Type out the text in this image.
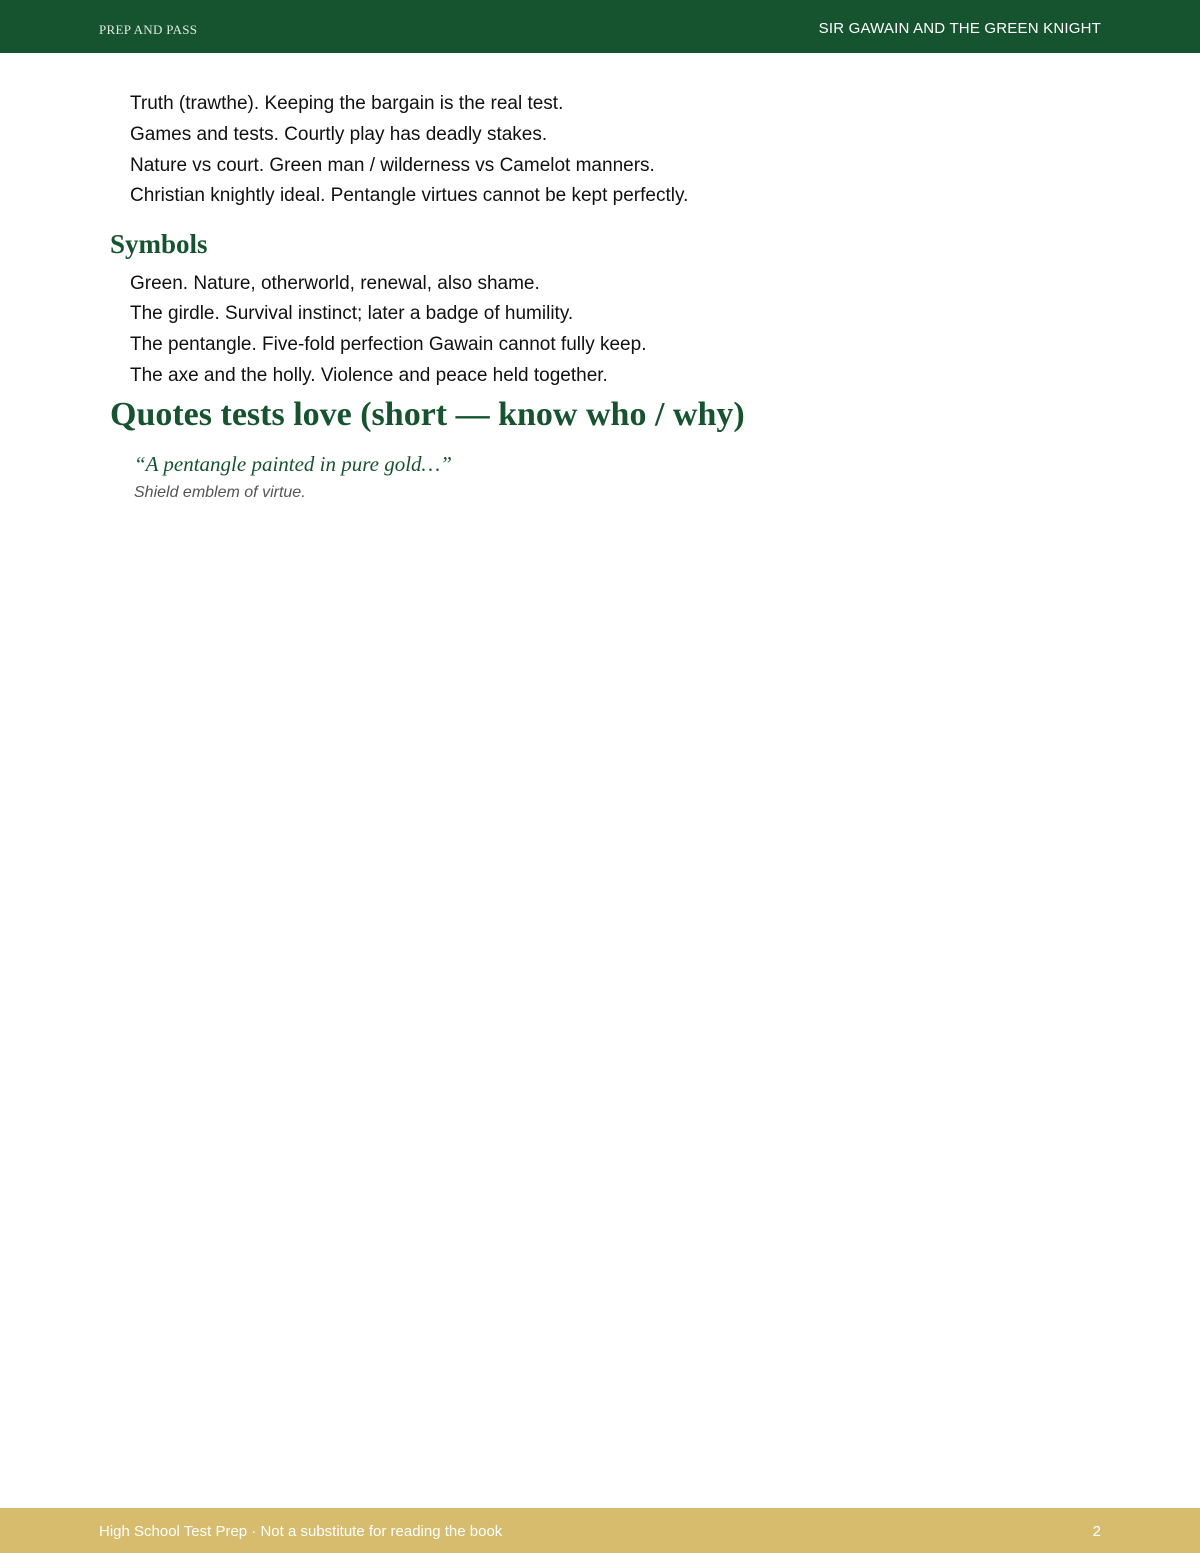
PREP AND PASS	SIR GAWAIN AND THE GREEN KNIGHT
Truth (trawthe). Keeping the bargain is the real test.
Games and tests. Courtly play has deadly stakes.
Nature vs court. Green man / wilderness vs Camelot manners.
Christian knightly ideal. Pentangle virtues cannot be kept perfectly.
Symbols
Green. Nature, otherworld, renewal, also shame.
The girdle. Survival instinct; later a badge of humility.
The pentangle. Five-fold perfection Gawain cannot fully keep.
The axe and the holly. Violence and peace held together.
Quotes tests love (short — know who / why)
“A pentangle painted in pure gold…”
Shield emblem of virtue.
High School Test Prep · Not a substitute for reading the book	2
